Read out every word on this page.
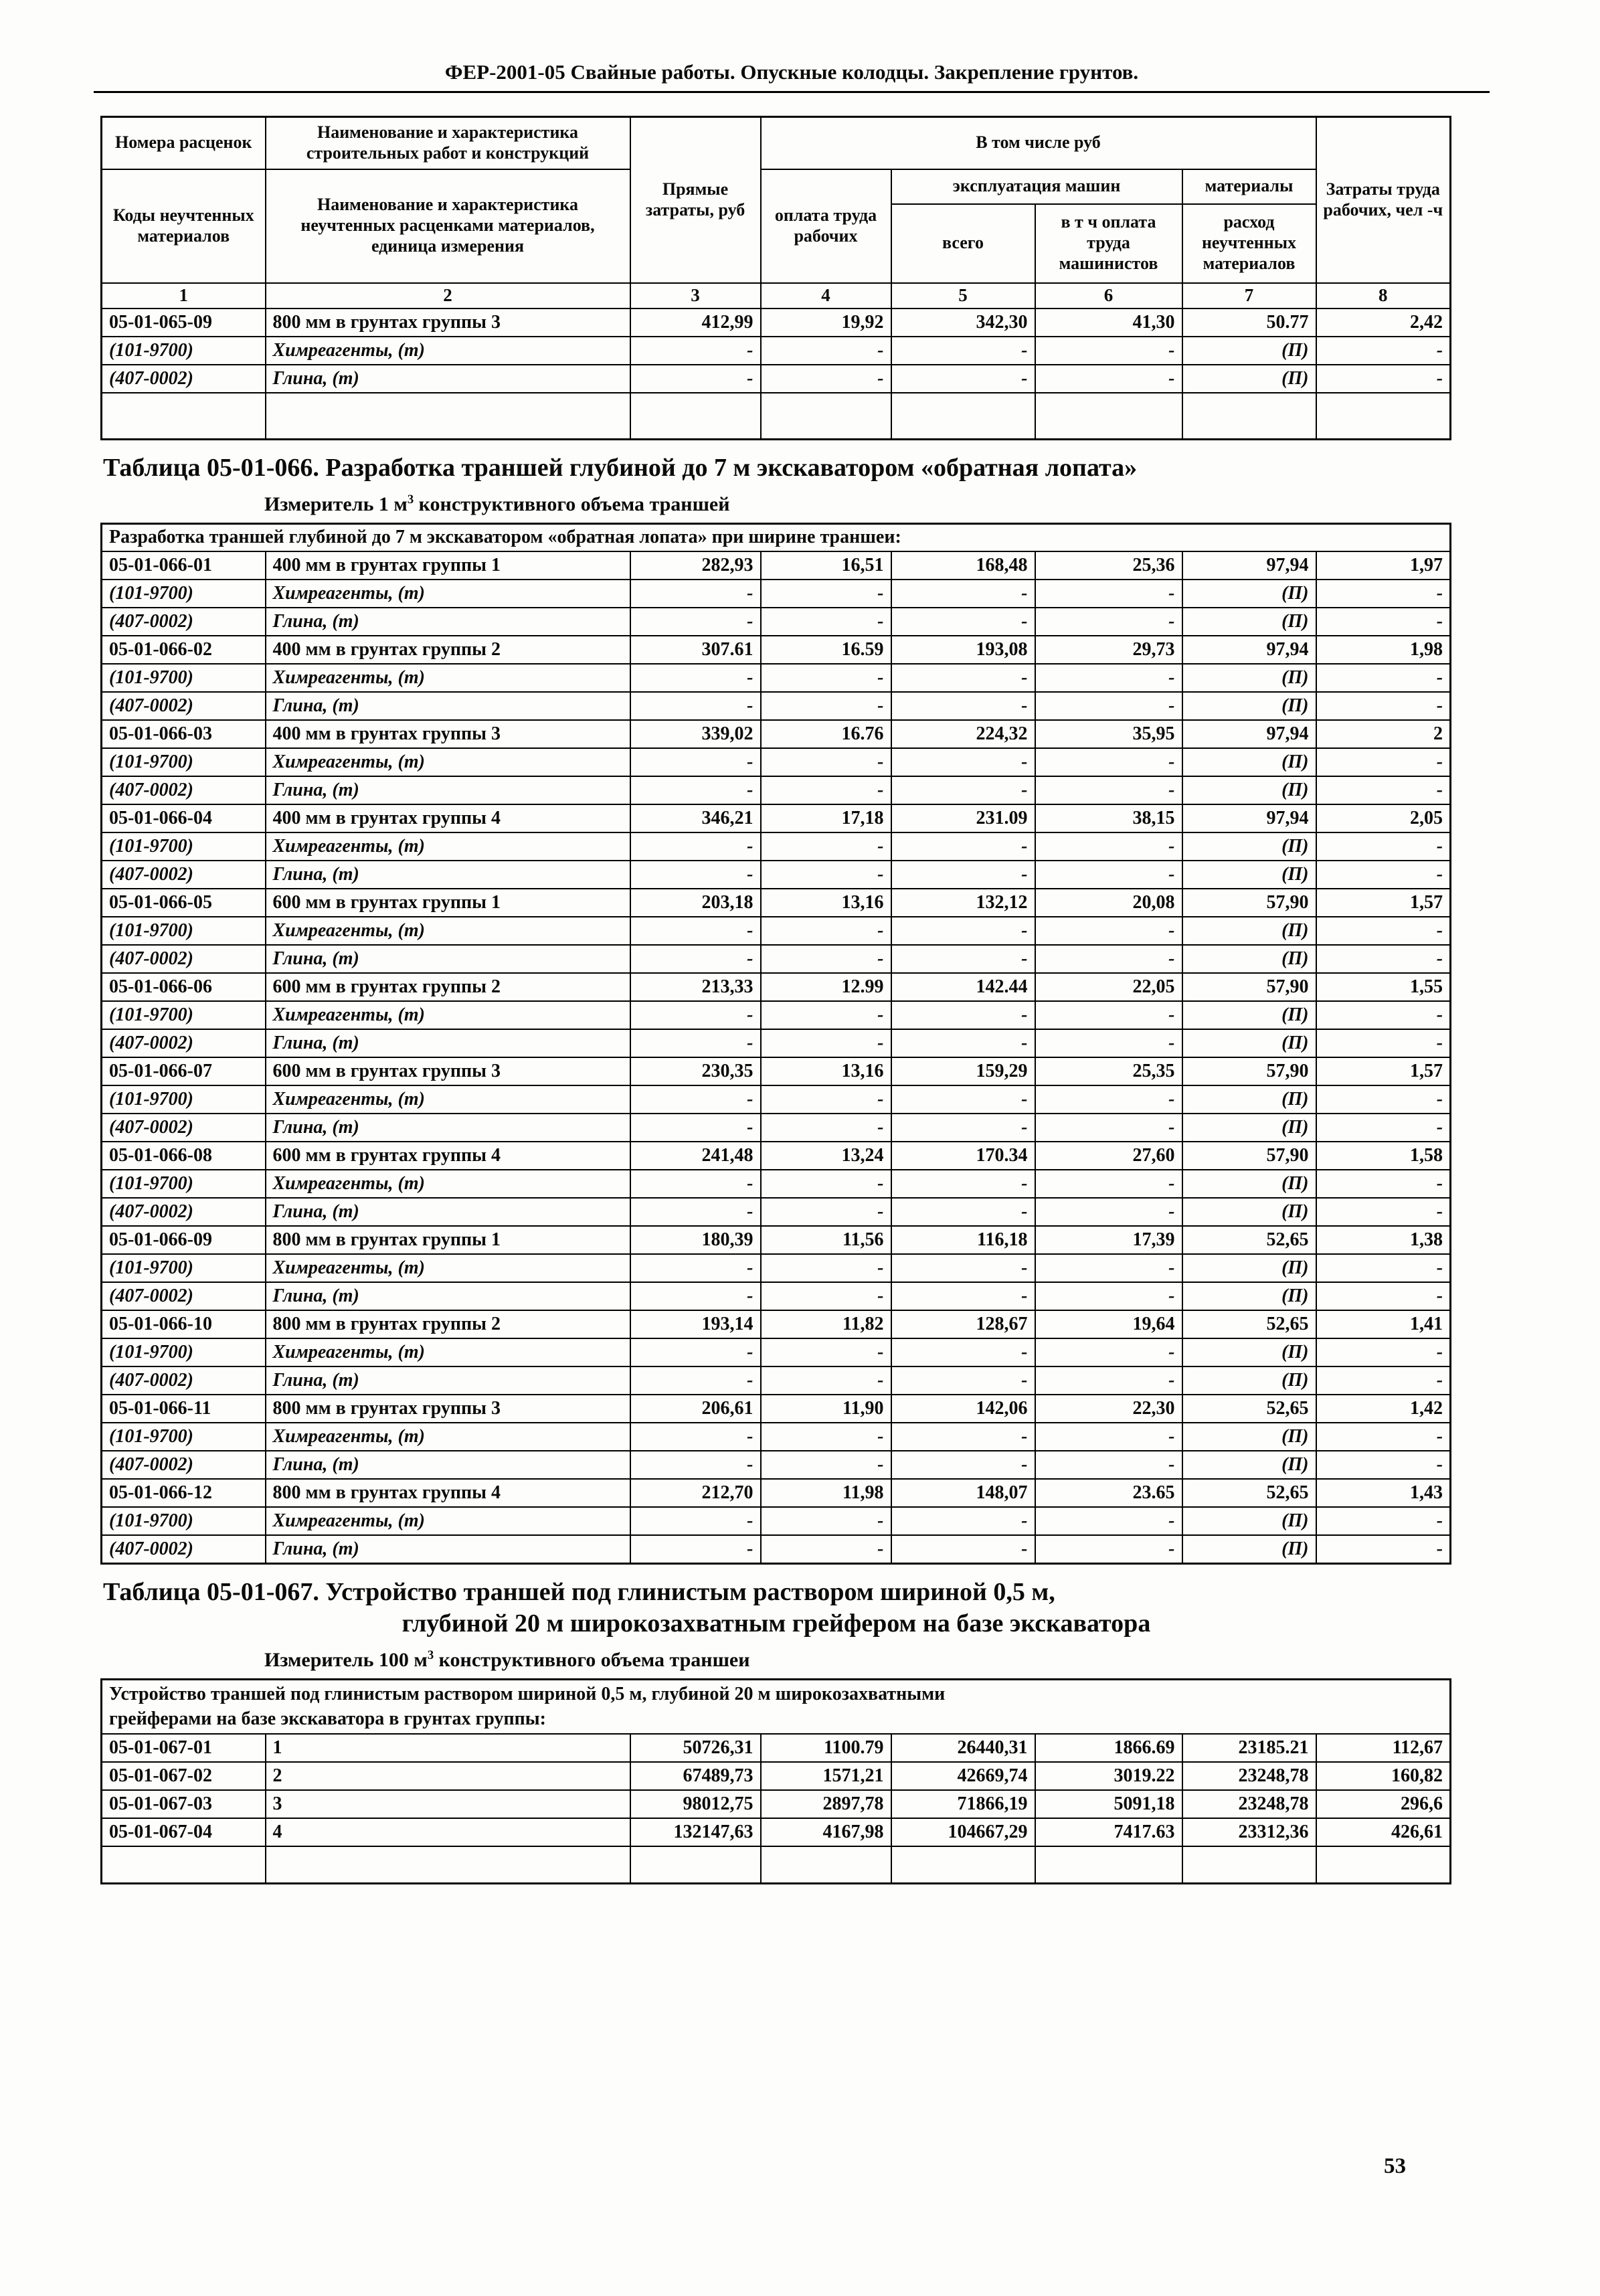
ФЕР-2001-05 Свайные работы. Опускные колодцы. Закрепление грунтов.
Номера расценок	Наименование и характеристика строительных работ и конструкций	Прямые затраты, руб	В том числе руб				Затраты труда рабочих, чел -ч
Коды неучтенных материалов	Наименование и характеристика неучтенных расценками материалов, единица измерения		оплата труда рабочих	эксплуатация машин		материалы	
				всего	в т ч оплата труда машинистов	расход неучтенных материалов	
1	2	3	4	5	6	7	8
05-01-065-09	800 мм в грунтах группы 3	412,99	19,92	342,30	41,30	50.77	2,42
(101-9700)	Химреагенты, (т)	-	-	-	-	(П)	-
(407-0002)	Глина, (т)	-	-	-	-	(П)	-

Таблица 05-01-066. Разработка траншей глубиной до 7 м экскаватором «обратная лопата»
Измеритель 1 $м^3$ конструктивного объема траншей
Разработка траншей глубиной до 7 м экскаватором «обратная лопата» при ширине траншеи:							
05-01-066-01	400 мм в грунтах группы 1	282,93	16,51	168,48	25,36	97,94	1,97
(101-9700)	Химреагенты, (т)	-	-	-	-	(П)	-
(407-0002)	Глина, (т)	-	-	-	-	(П)	-
05-01-066-02	400 мм в грунтах группы 2	307.61	16.59	193,08	29,73	97,94	1,98
(101-9700)	Химреагенты, (т)	-	-	-	-	(П)	-
(407-0002)	Глина, (т)	-	-	-	-	(П)	-
05-01-066-03	400 мм в грунтах группы 3	339,02	16.76	224,32	35,95	97,94	2
(101-9700)	Химреагенты, (т)	-	-	-	-	(П)	-
(407-0002)	Глина, (т)	-	-	-	-	(П)	-
05-01-066-04	400 мм в грунтах группы 4	346,21	17,18	231.09	38,15	97,94	2,05
(101-9700)	Химреагенты, (т)	-	-	-	-	(П)	-
(407-0002)	Глина, (т)	-	-	-	-	(П)	-
05-01-066-05	600 мм в грунтах группы 1	203,18	13,16	132,12	20,08	57,90	1,57
(101-9700)	Химреагенты, (т)	-	-	-	-	(П)	-
(407-0002)	Глина, (т)	-	-	-	-	(П)	-
05-01-066-06	600 мм в грунтах группы 2	213,33	12.99	142.44	22,05	57,90	1,55
(101-9700)	Химреагенты, (т)	-	-	-	-	(П)	-
(407-0002)	Глина, (т)	-	-	-	-	(П)	-
05-01-066-07	600 мм в грунтах группы 3	230,35	13,16	159,29	25,35	57,90	1,57
(101-9700)	Химреагенты, (т)	-	-	-	-	(П)	-
(407-0002)	Глина, (т)	-	-	-	-	(П)	-
05-01-066-08	600 мм в грунтах группы 4	241,48	13,24	170.34	27,60	57,90	1,58
(101-9700)	Химреагенты, (т)	-	-	-	-	(П)	-
(407-0002)	Глина, (т)	-	-	-	-	(П)	-
05-01-066-09	800 мм в грунтах группы 1	180,39	11,56	116,18	17,39	52,65	1,38
(101-9700)	Химреагенты, (т)	-	-	-	-	(П)	-
(407-0002)	Глина, (т)	-	-	-	-	(П)	-
05-01-066-10	800 мм в грунтах группы 2	193,14	11,82	128,67	19,64	52,65	1,41
(101-9700)	Химреагенты, (т)	-	-	-	-	(П)	-
(407-0002)	Глина, (т)	-	-	-	-	(П)	-
05-01-066-11	800 мм в грунтах группы 3	206,61	11,90	142,06	22,30	52,65	1,42
(101-9700)	Химреагенты, (т)	-	-	-	-	(П)	-
(407-0002)	Глина, (т)	-	-	-	-	(П)	-
05-01-066-12	800 мм в грунтах группы 4	212,70	11,98	148,07	23.65	52,65	1,43
(101-9700)	Химреагенты, (т)	-	-	-	-	(П)	-
(407-0002)	Глина, (т)	-	-	-	-	(П)	-
Таблица 05-01-067. Устройство траншей под глинистым раствором шириной 0,5 м,
глубиной 20 м широкозахватным грейфером на базе экскаватора
Измеритель 100 $м^3$ конструктивного объема траншеи
Устройство траншей под глинистым раствором шириной 0,5 м, глубиной 20 м широкозахватными
грейферами на базе экскаватора в грунтах группы:							

05-01-067-01	1	50726,31	1100.79	26440,31	1866.69	23185.21	112,67
05-01-067-02	2	67489,73	1571,21	42669,74	3019.22	23248,78	160,82
05-01-067-03	3	98012,75	2897,78	71866,19	5091,18	23248,78	296,6
05-01-067-04	4	132147,63	4167,98	104667,29	7417.63	23312,36	426,61

53
